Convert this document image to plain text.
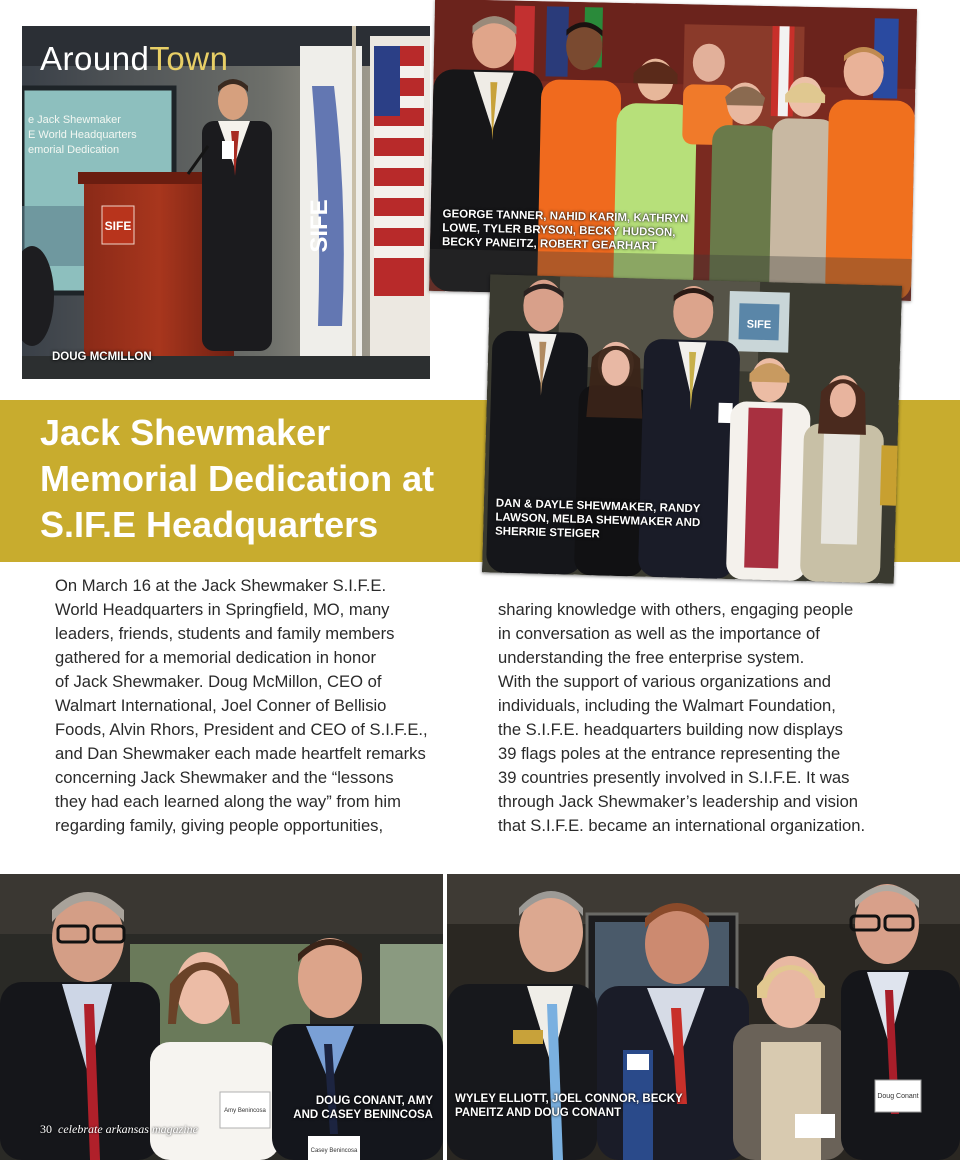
e Jack Shewmaker E World Headquarters emorial Dedication
SIFE	SIFE

AroundTown

DOUG MCMILLON

GEORGE TANNER, NAHID KARIM, KATHRYN
LOWE, TYLER BRYSON, BECKY HUDSON,
BECKY PANEITZ, ROBERT GEARHART

Jack Shewmaker Memorial Dedication at S.IF.E Headquarters
SIFE

DAN & DAYLE SHEWMAKER, RANDY
LAWSON, MELBA SHEWMAKER AND
SHERRIE STEIGER

On March 16 at the Jack Shewmaker S.I.F.E.
World Headquarters in Springfield, MO, many
leaders, friends, students and family members
gathered for a memorial dedication in honor
of Jack Shewmaker. Doug McMillon, CEO of
Walmart International, Joel Conner of Bellisio
Foods, Alvin Rhors, President and CEO of S.I.F.E.,
and Dan Shewmaker each made heartfelt remarks
concerning Jack Shewmaker and the “lessons
they had each learned along the way” from him
regarding family, giving people opportunities,

sharing knowledge with others, engaging people
in conversation as well as the importance of
understanding the free enterprise system.
With the support of various organizations and
individuals, including the Walmart Foundation,
the S.I.F.E. headquarters building now displays
39 flags poles at the entrance representing the
39 countries presently involved in S.I.F.E. It was
through Jack Shewmaker’s leadership and vision
that S.I.F.E. became an international organization.

Amy Benincosa
Casey Benincosa

DOUG CONANT, AMY
AND CASEY BENINCOSA

Doug Conant

WYLEY ELLIOTT, JOEL CONNOR, BECKY
PANEITZ AND DOUG CONANT

30 celebrate arkansas magazine
